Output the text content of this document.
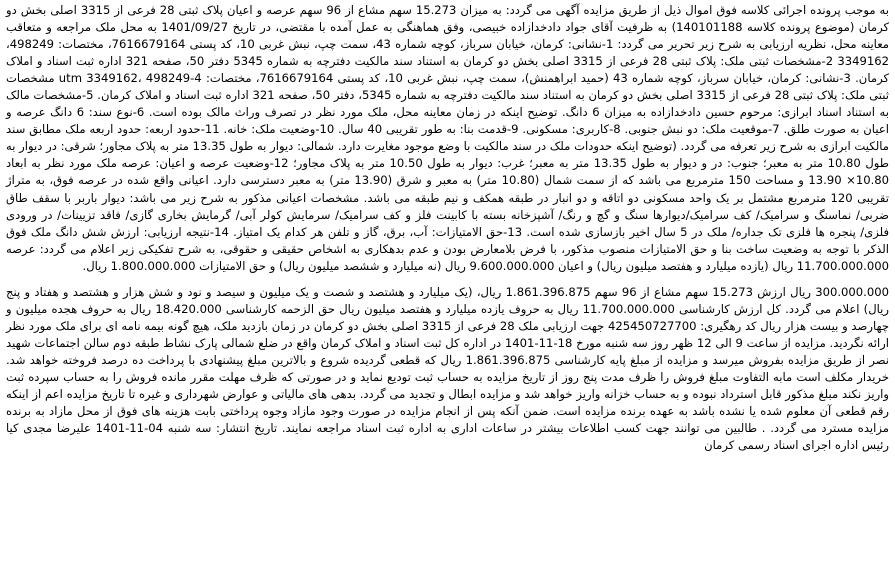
به موجب پرونده اجرائی کلاسه فوق اموال ذیل از طریق مزایده آگهی می گردد: به میزان 15.273 سهم مشاع از 96 سهم عرصه و اعیان پلاک ثبتی 28 فرعی از 3315 اصلی بخش دو کرمان (موضوع پرونده کلاسه 140101188) به ظرفیت آقای جواد دادخدازاده خبیصی، وفق هماهنگی به عمل آمده با مقتضی، در تاریخ 1401/09/27 به محل ملک مراجعه و متعاقب معاینه محل، نظریه ارزیابی به شرح زیر تحریر می گردد: 1-نشانی: کرمان، خیابان سرباز، کوچه شماره 43، سمت چپ، نبش غربی 10، کد پستی 7616679164، مختصات: 498249، 3349162 2-مشخصات ثبتی ملک: پلاک ثبتی 28 فرعی از 3315 اصلی بخش دو کرمان به استناد سند مالکیت دفترچه به شماره 5345 دفتر 50، صفحه 321 اداره ثبت اسناد و املاک کرمان. 3-نشانی: کرمان، خیابان سرباز، کوچه شماره 43 (حمید ابراهمنش)، سمت چپ، نبش غربی 10، کد پستی 7616679164، مختصات: utm 3349162، 498249-4 مشخصات ثبتی ملک: پلاک ثبتی 28 فرعی از 3315 اصلی بخش دو کرمان به استناد سند مالکیت دفترچه به شماره 5345، دفتر 50، صفحه 321 اداره ثبت اسناد و املاک کرمان. 5-مشخصات مالک به استناد اسناد ابرازی: مرحوم حسین دادخدازاده به میزان 6 دانگ. توضیح اینکه در زمان معاینه محل، ملک مورد نظر در تصرف وراث مالک بوده است. 6-نوع سند: 6 دانگ عرصه و اعیان به صورت طلق. 7-موقعیت ملک: دو نبش جنوبی. 8-کاربری: مسکونی. 9-قدمت بنا: به طور تقریبی 40 سال. 10-وضعیت ملک: خانه. 11-حدود اربعه: حدود اربعه ملک مطابق سند مالکیت ابرازی به شرح زیر تعرفه می گردد. (توضیح اینکه حدودات ملک در سند مالکیت با وضع موجود مغایرت دارد. شمالی: دیوار به طول 13.35 متر به پلاک مجاور؛ شرقی: در دیوار به طول 10.80 متر به معبر؛ جنوب: در و دیوار به طول 13.35 متر به معبر؛ غرب: دیوار به طول 10.50 متر به پلاک مجاور؛ 12-وضعیت عرصه و اعیان: عرصه ملک مورد نظر به ابعاد 10.80× 13.90 و مساحت 150 مترمربع می باشد که از سمت شمال (10.80 متر) به معبر و شرق (13.90 متر) به معبر دسترسی دارد. اعیانی واقع شده در عرصه فوق، به متراژ تقریبی 120 مترمربع مشتمل بر یک واحد مسکونی دو اتاقه و دو انبار در طبقه همکف و نیم طبقه می باشد. مشخصات اعیانی مذکور به شرح زیر می باشد: دیوار باربر با سقف طاق ضربی/ نماسنگ و سرامیک/ کف سرامیک/دیوارها سنگ و گچ و رنگ/ آشپزخانه بسته با کابینت فلز و کف سرامیک/ سرمایش کولر آبی/ گرمایش بخاری گازی/ فاقد تزیینات/ در ورودی فلزی/ پنجره ها فلزی تک جداره/ ملک در 5 سال اخیر بازسازی شده است. 13-حق الامتیازات: آب، برق، گاز و تلفن هر کدام یک امتیاز. 14-نتیجه ارزیابی: ارزش شش دانگ ملک فوق الذکر با توجه به وضعیت ساخت بنا و حق الامتیازات منصوب مذکور، با فرض بلامعارض بودن و عدم بدهکاری به اشخاص حقیقی و حقوقی، به شرح تفکیکی زیر اعلام می گردد: عرصه 11.700.000.000 ریال (یازده میلیارد و هفتصد میلیون ریال) و اعیان 9.600.000.000 ریال (نه میلیارد و ششصد میلیون ریال) و حق الامتیازات 1.800.000.000 ریال.

300.000.000 ریال ارزش 15.273 سهم مشاع از 96 سهم 1.861.396.875 ریال، (یک میلیارد و هشتصد و شصت و یک میلیون و سیصد و نود و شش هزار و هشتصد و هفتاد و پنج ریال) اعلام می گردد. کل ارزش کارشناسی 11.700.000.000 ریال به حروف یازده میلیارد و هفتصد میلیون ریال حق الزحمه کارشناسی 18.420.000 ریال به حروف هجده میلیون و چهارصد و بیست هزار ریال کد رهگیری: 425450727700 جهت ارزیابی ملک 28 فرعی از 3315 اصلی بخش دو کرمان در زمان بازدید ملک، هیچ گونه بیمه نامه ای برای ملک مورد نظر ارائه نگردید. مزایده از ساعت 9 الی 12 ظهر روز سه شنبه مورخ 18-11-1401 در اداره کل ثبت اسناد و املاک کرمان واقع در ضلع شمالی پارک نشاط طبقه دوم سالن اجتماعات شهید نصر از طریق مزایده بفروش میرسد و مزایده از مبلغ پایه کارشناسی 1.861.396.875 ریال که قطعی گردیده شروع و بالاترین مبلغ پیشنهادی با پرداخت ده درصد فروخته خواهد شد. خریدار مکلف است مابه التفاوت مبلغ فروش را ظرف مدت پنج روز از تاریخ مزایده به حساب ثبت تودیع نماید و در صورتی که ظرف مهلت مقرر مانده فروش را به حساب سپرده ثبت واریز نکند مبلغ مذکور قابل استرداد نبوده و به حساب خزانه واریز خواهد شد و مزایده ابطال و تجدید می گردد. بدهی های مالیاتی و عوارض شهرداری و غیره تا تاریخ مزایده اعم از اینکه رقم قطعی آن معلوم شده یا نشده باشد به عهده برنده مزایده است. ضمن آنکه پس از انجام مزایده در صورت وجود مازاد وجوه پرداختی بابت هزینه های فوق از محل مازاد به برنده مزایده مسترد می گردد. . طالبین می توانند جهت کسب اطلاعات بیشتر در ساعات اداری به اداره ثبت اسناد مراجعه نمایند. تاریخ انتشار: سه شنبه 04-11-1401 علیرضا مجدی کیا رئیس اداره اجرای اسناد رسمی کرمان
